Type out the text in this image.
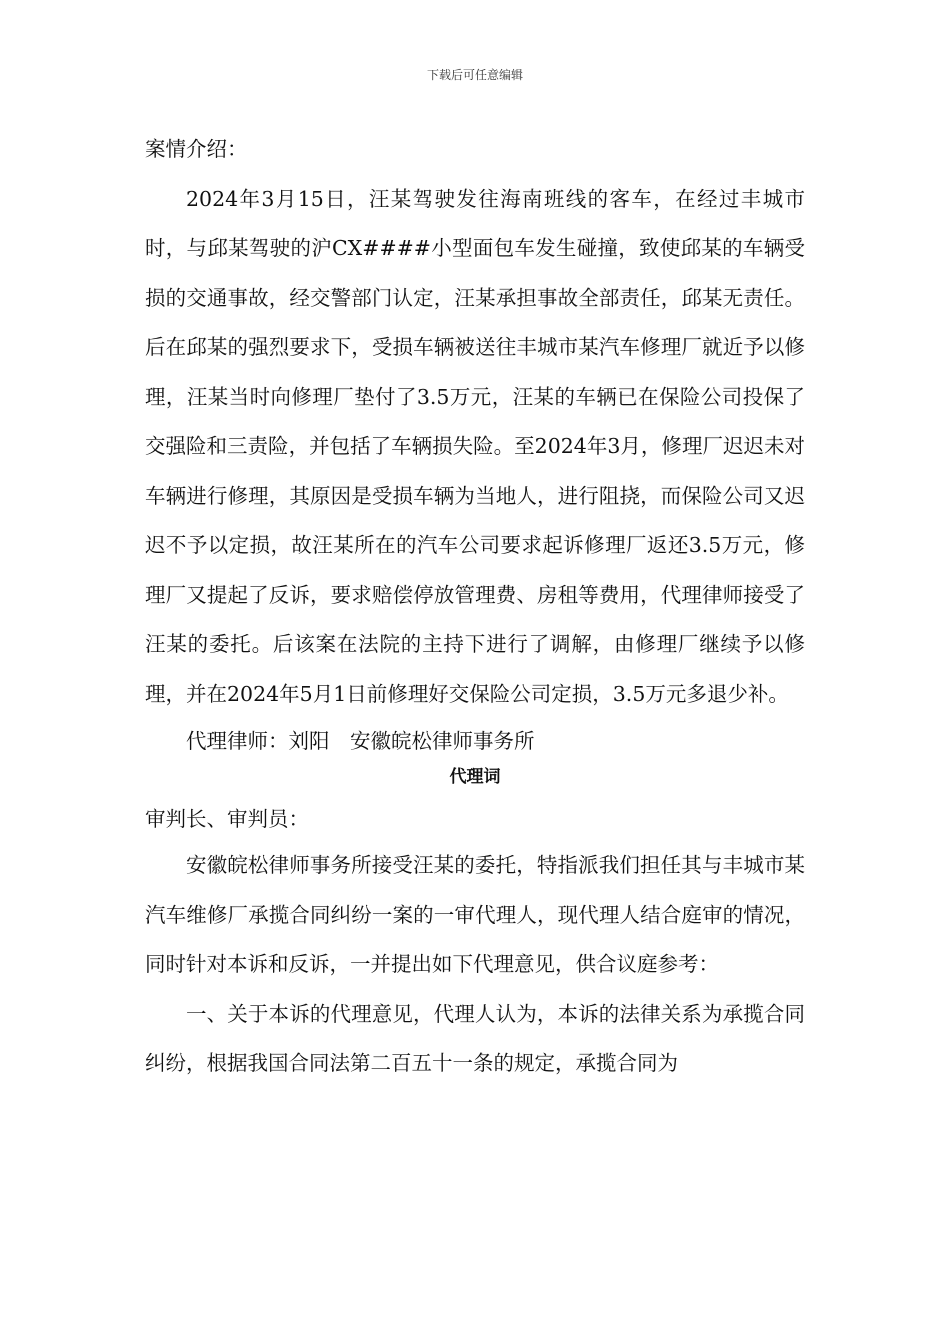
下载后可任意编辑

案情介绍：

2024年3月15日，汪某驾驶发往海南班线的客车，在经过丰城市时，与邱某驾驶的沪CX####小型面包车发生碰撞，致使邱某的车辆受损的交通事故，经交警部门认定，汪某承担事故全部责任，邱某无责任。后在邱某的强烈要求下，受损车辆被送往丰城市某汽车修理厂就近予以修理，汪某当时向修理厂垫付了3.5万元，汪某的车辆已在保险公司投保了交强险和三责险，并包括了车辆损失险。至2024年3月，修理厂迟迟未对车辆进行修理，其原因是受损车辆为当地人，进行阻挠，而保险公司又迟迟不予以定损，故汪某所在的汽车公司要求起诉修理厂返还3.5万元，修理厂又提起了反诉，要求赔偿停放管理费、房租等费用，代理律师接受了汪某的委托。后该案在法院的主持下进行了调解，由修理厂继续予以修理，并在2024年5月1日前修理好交保险公司定损，3.5万元多退少补。

代理律师：刘阳　安徽皖松律师事务所

代理词

审判长、审判员：

安徽皖松律师事务所接受汪某的委托，特指派我们担任其与丰城市某汽车维修厂承揽合同纠纷一案的一审代理人，现代理人结合庭审的情况，同时针对本诉和反诉，一并提出如下代理意见，供合议庭参考：

一、关于本诉的代理意见，代理人认为，本诉的法律关系为承揽合同纠纷，根据我国合同法第二百五十一条的规定，承揽合同为
